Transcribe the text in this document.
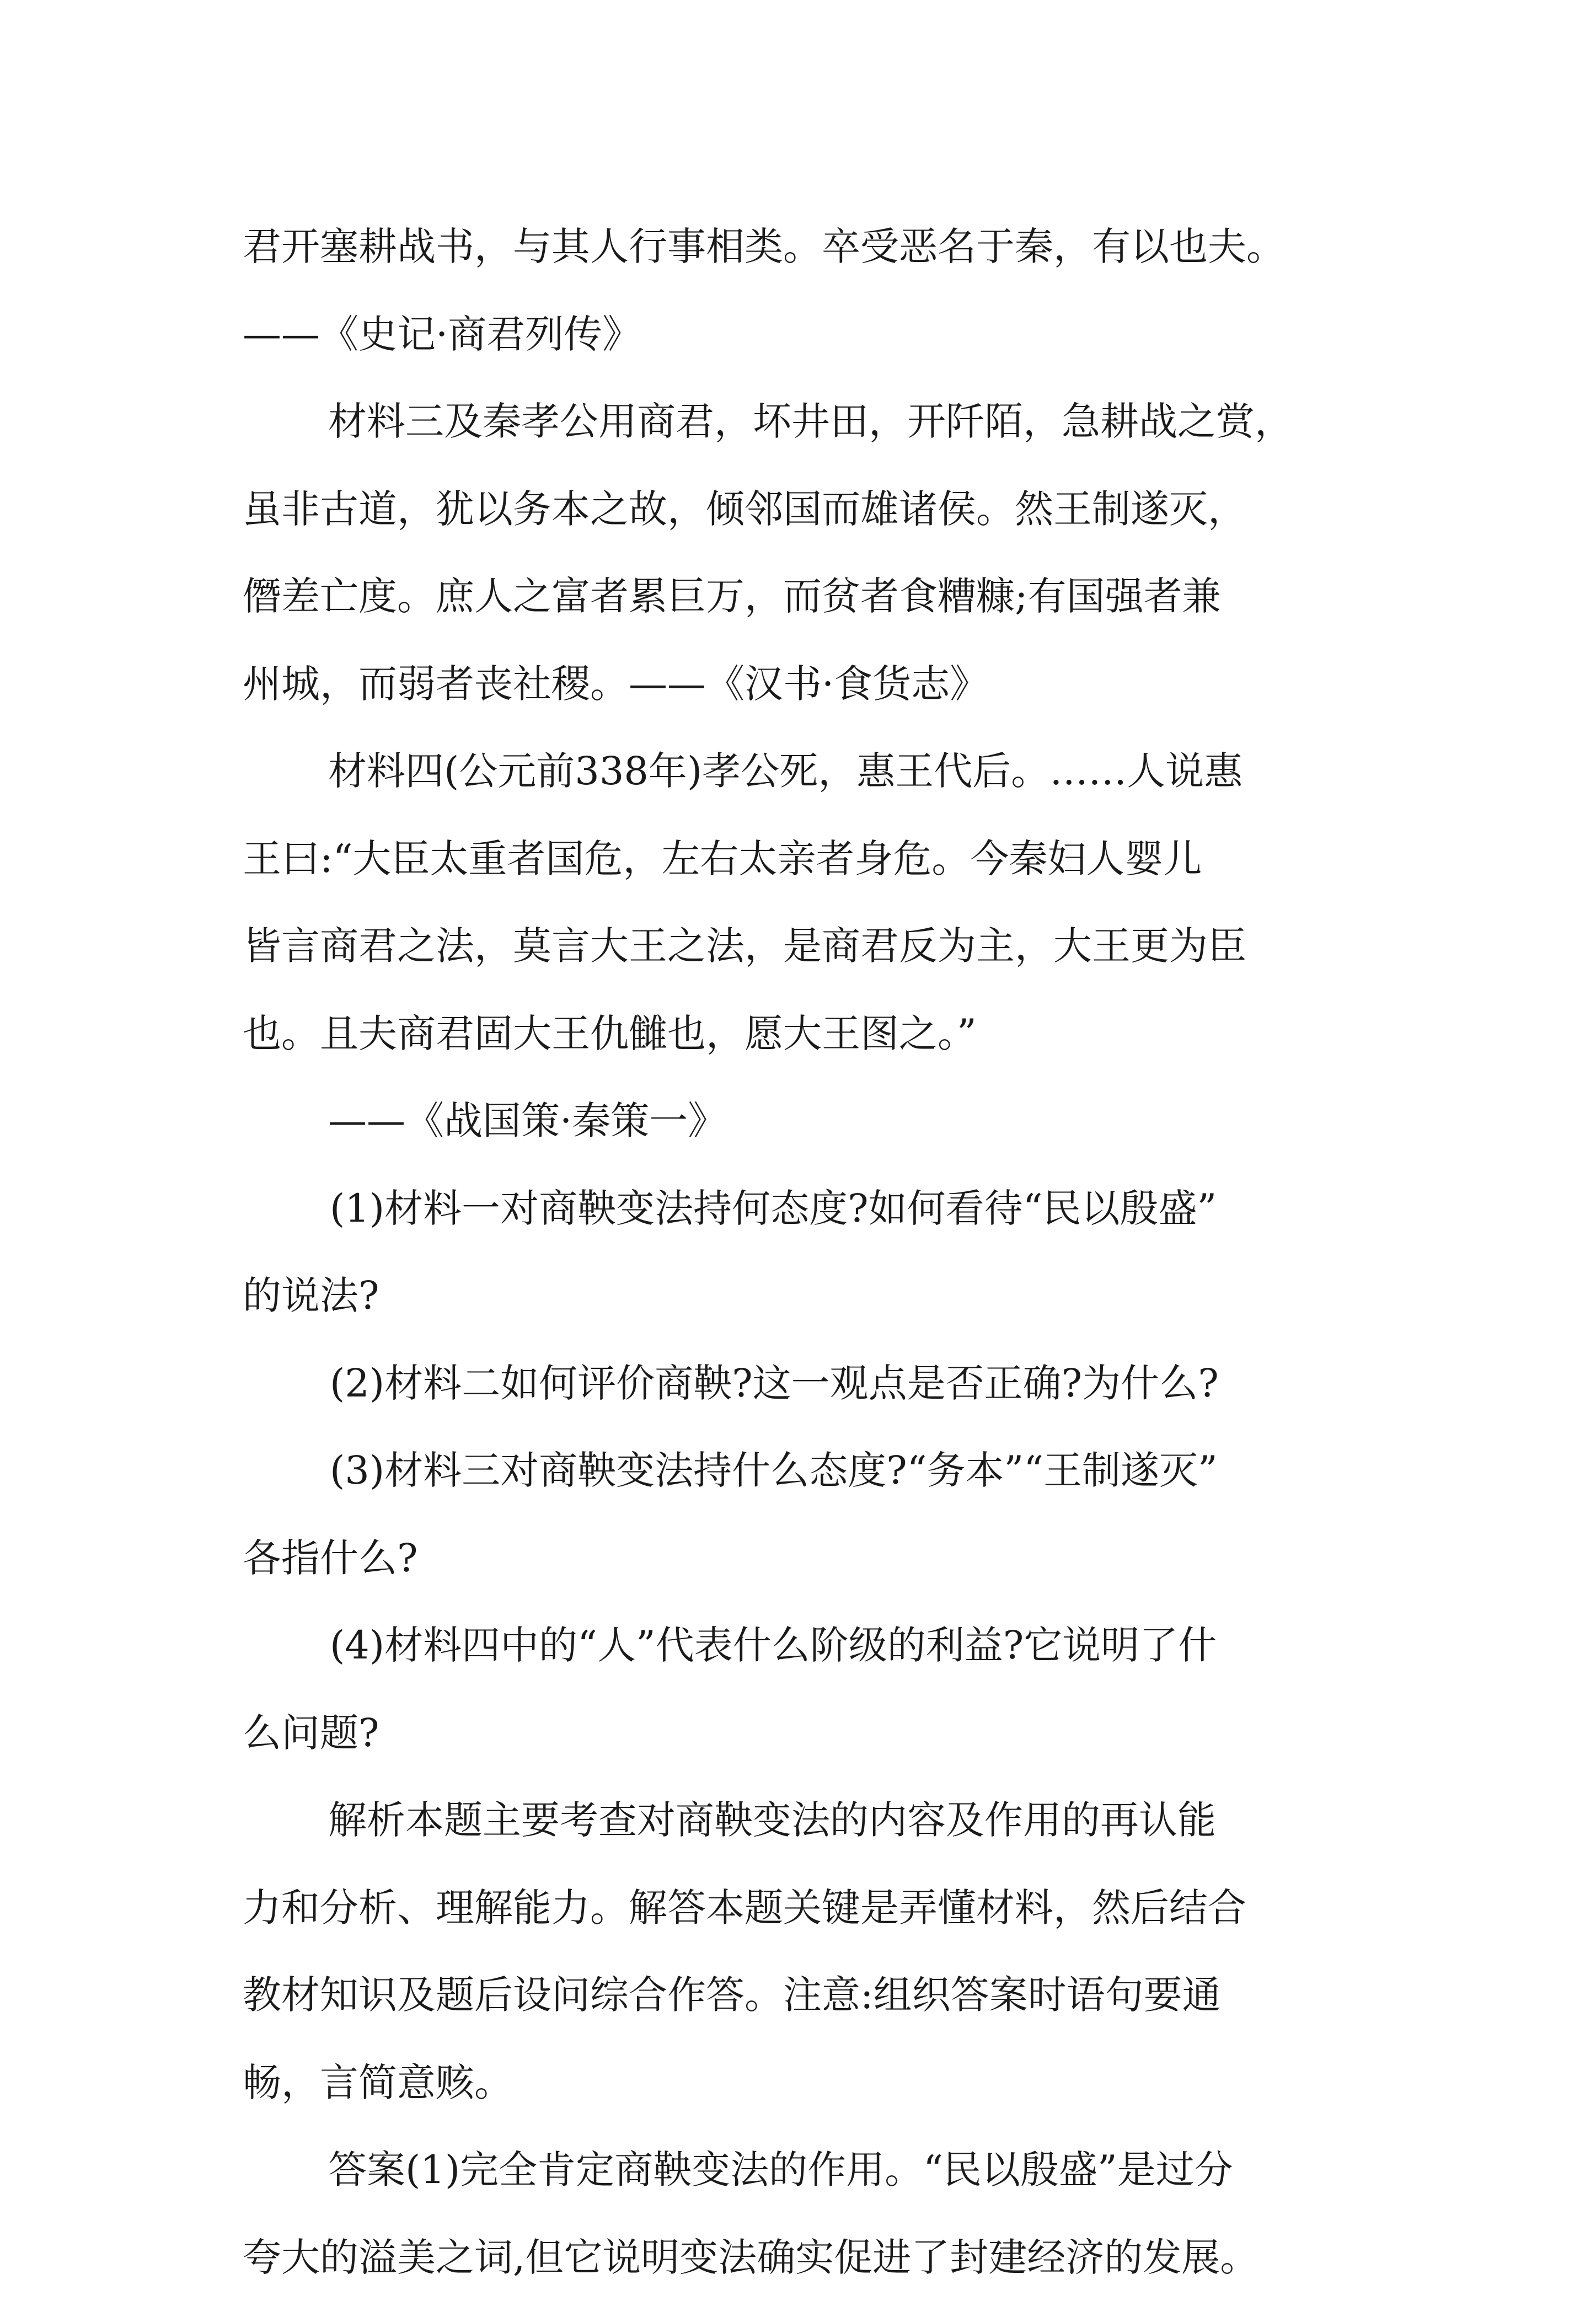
君开塞耕战书，与其人行事相类。卒受恶名于秦，有以也夫。
——《史记·商君列传》
材料三及秦孝公用商君，坏井田，开阡陌，急耕战之赏，
虽非古道，犹以务本之故，倾邻国而雄诸侯。然王制遂灭，
僭差亡度。庶人之富者累巨万，而贫者食糟糠;有国强者兼
州城，而弱者丧社稷。——《汉书·食货志》
材料四(公元前338年)孝公死，惠王代后。……人说惠
王曰:“大臣太重者国危，左右太亲者身危。今秦妇人婴儿
皆言商君之法，莫言大王之法，是商君反为主，大王更为臣
也。且夫商君固大王仇雠也，愿大王图之。”
——《战国策·秦策一》
(1)材料一对商鞅变法持何态度?如何看待“民以殷盛”
的说法?
(2)材料二如何评价商鞅?这一观点是否正确?为什么?
(3)材料三对商鞅变法持什么态度?“务本”“王制遂灭”
各指什么?
(4)材料四中的“人”代表什么阶级的利益?它说明了什
么问题?
解析本题主要考查对商鞅变法的内容及作用的再认能
力和分析、理解能力。解答本题关键是弄懂材料，然后结合
教材知识及题后设问综合作答。注意:组织答案时语句要通
畅，言简意赅。
答案(1)完全肯定商鞅变法的作用。“民以殷盛”是过分
夸大的溢美之词,但它说明变法确实促进了封建经济的发展。
